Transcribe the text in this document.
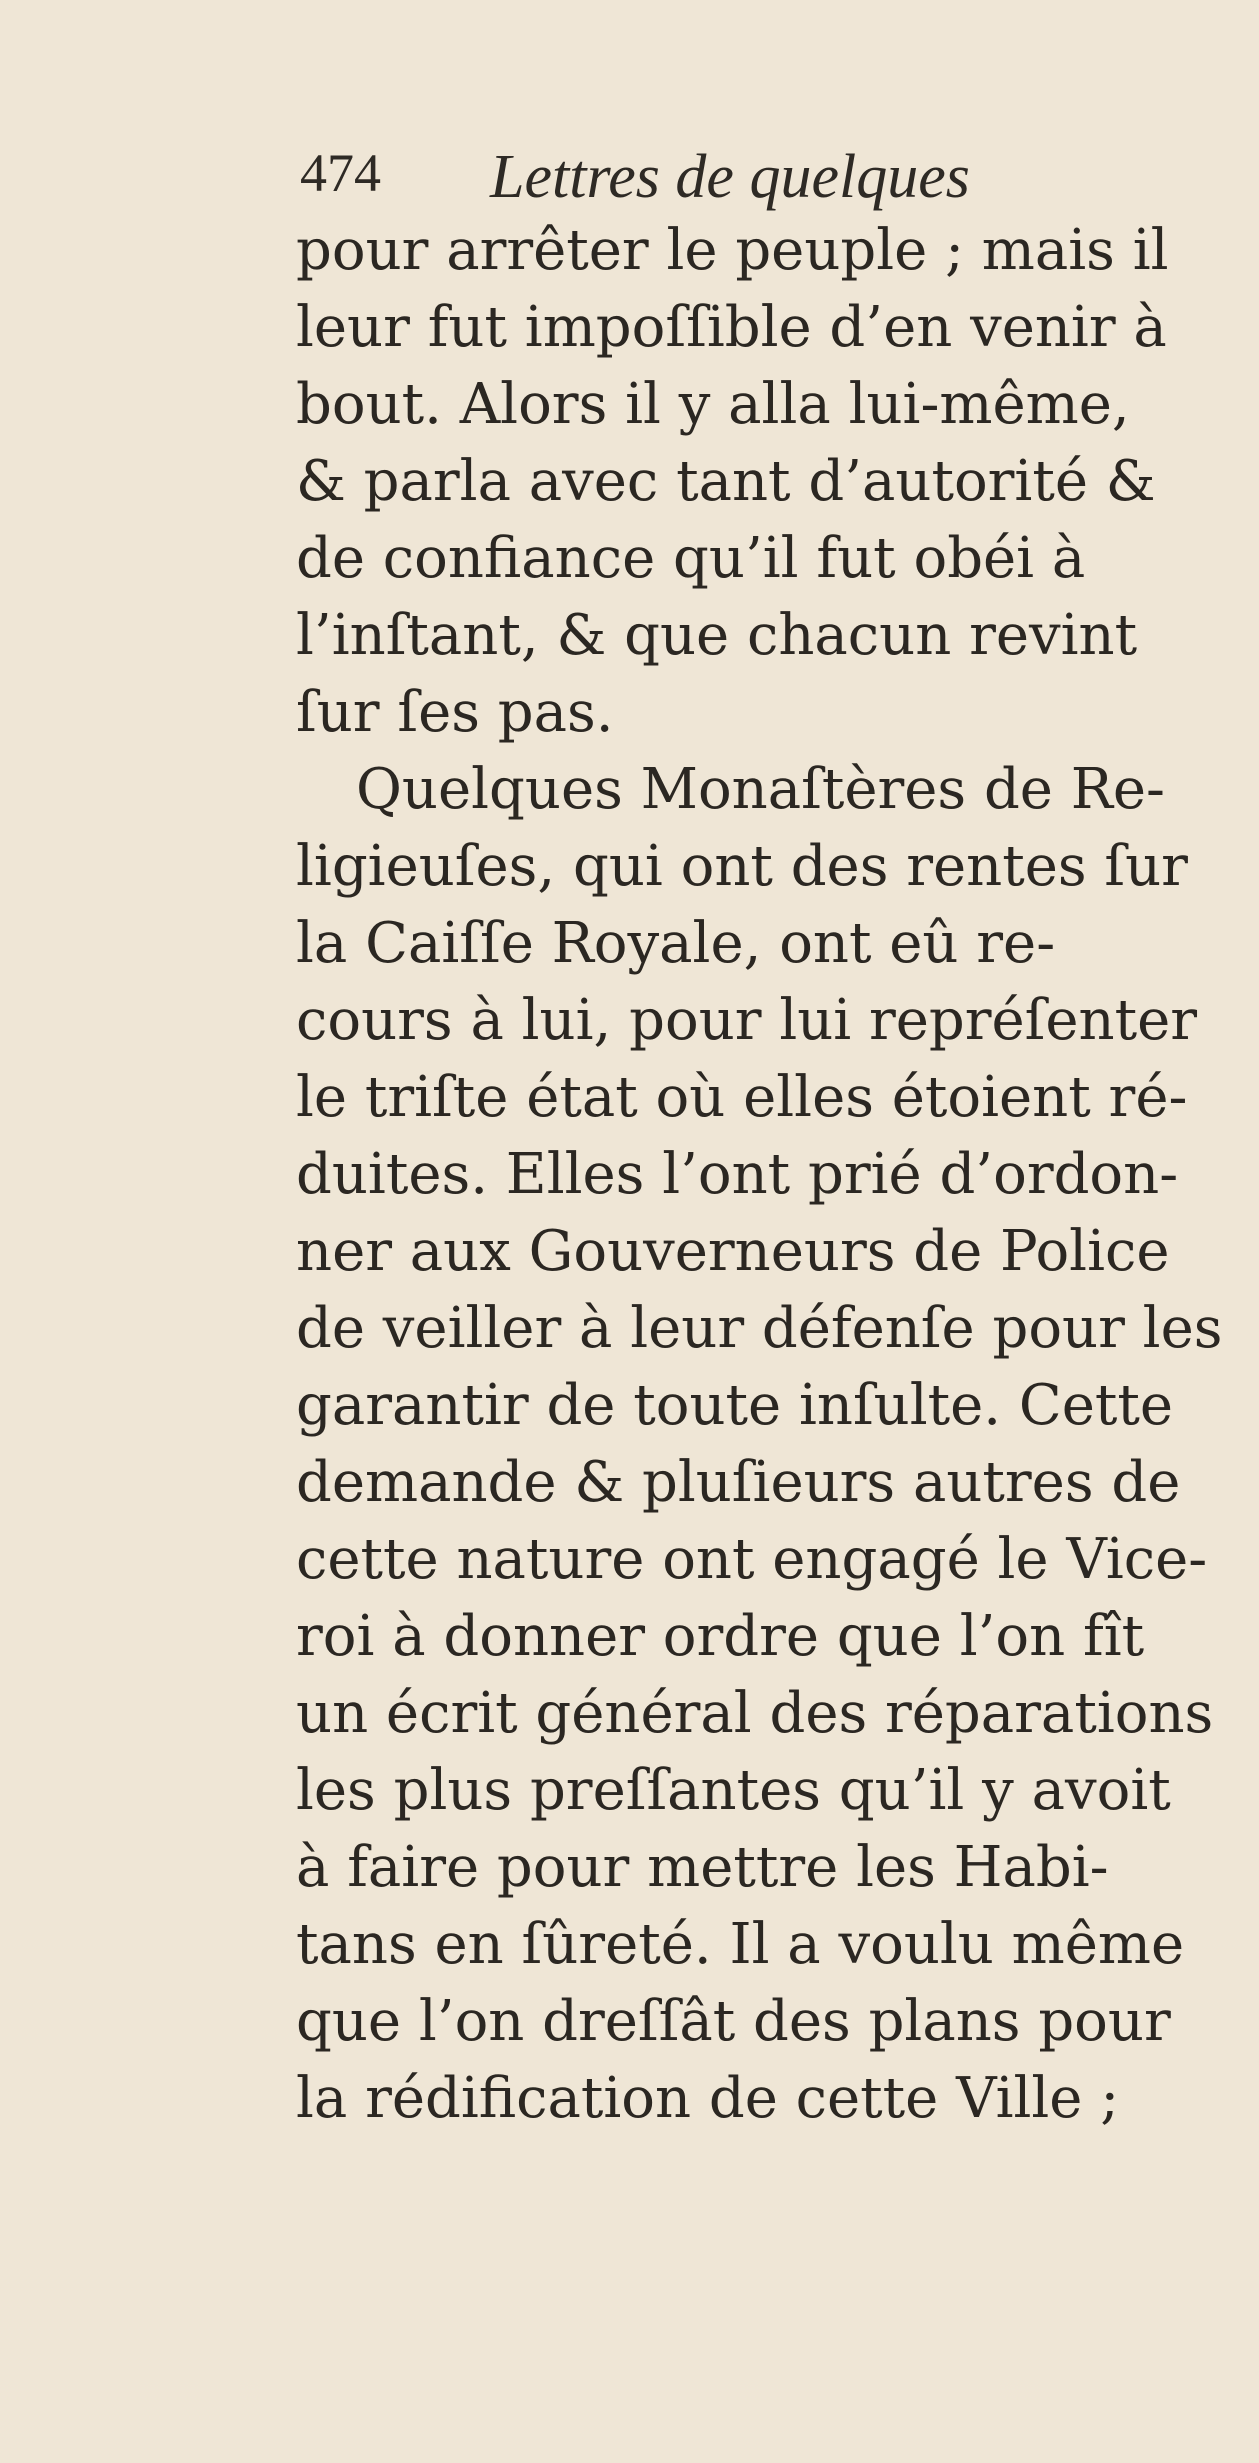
474 Lettres de quelques
pour arrêter le peuple ; mais il
leur fut impoſſible d’en venir à
bout. Alors il y alla lui-même,
& parla avec tant d’autorité &
de confiance qu’il fut obéi à
l’inſtant, & que chacun revint
ſur ſes pas.
Quelques Monaſtères de Re-
ligieuſes, qui ont des rentes ſur
la Caiſſe Royale, ont eû re-
cours à lui, pour lui repréſenter
le triſte état où elles étoient ré-
duites. Elles l’ont prié d’ordon-
ner aux Gouverneurs de Police
de veiller à leur défenſe pour les
garantir de toute inſulte. Cette
demande & pluſieurs autres de
cette nature ont engagé le Vice-
roi à donner ordre que l’on fît
un écrit général des réparations
les plus preſſantes qu’il y avoit
à faire pour mettre les Habi-
tans en ſûreté. Il a voulu même
que l’on dreſſât des plans pour
la rédification de cette Ville ;
